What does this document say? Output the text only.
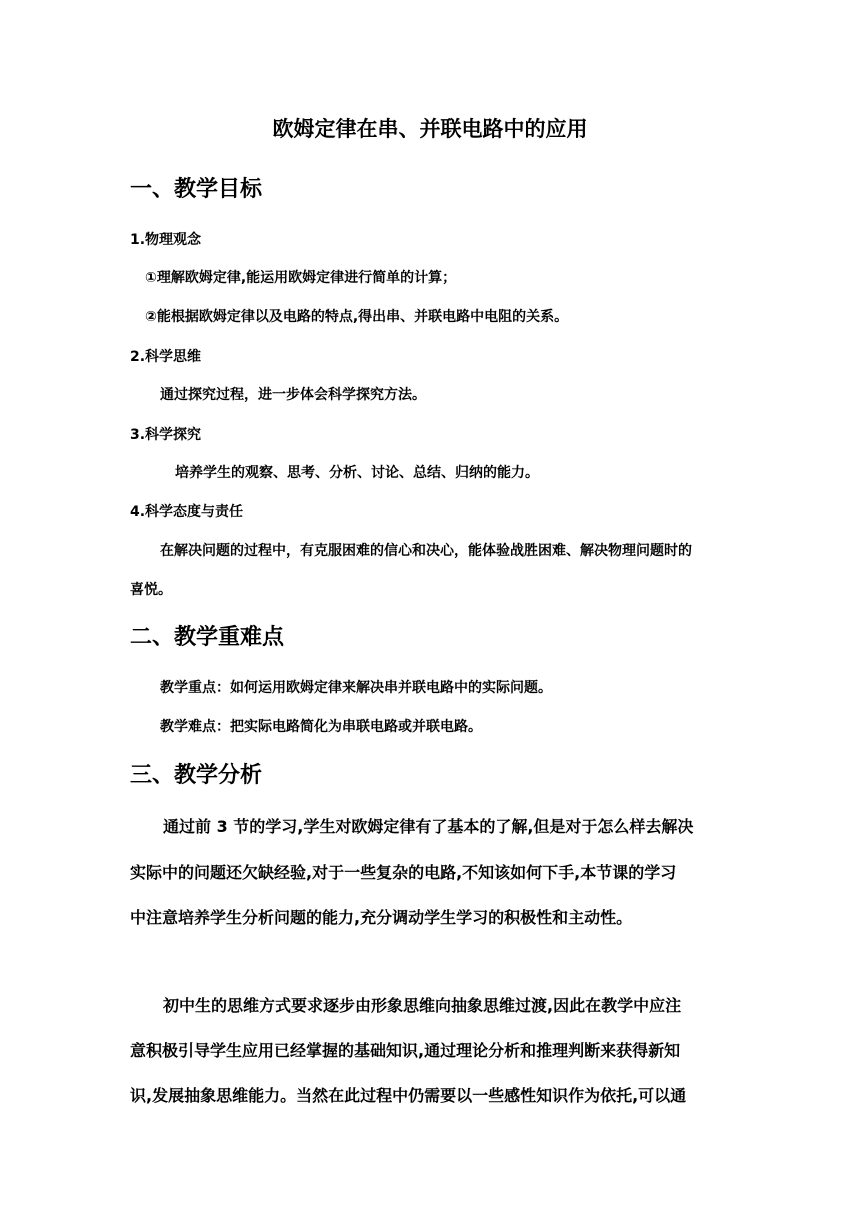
欧姆定律在串、并联电路中的应用
一、教学目标
1.物理观念
①理解欧姆定律,能运用欧姆定律进行简单的计算；
②能根据欧姆定律以及电路的特点,得出串、并联电路中电阻的关系。
2.科学思维
通过探究过程，进一步体会科学探究方法。
3.科学探究
培养学生的观察、思考、分析、讨论、总结、归纳的能力。
4.科学态度与责任
在解决问题的过程中，有克服困难的信心和决心，能体验战胜困难、解决物理问题时的
喜悦。
二、教学重难点
教学重点：如何运用欧姆定律来解决串并联电路中的实际问题。
教学难点：把实际电路简化为串联电路或并联电路。
三、教学分析
通过前 3 节的学习,学生对欧姆定律有了基本的了解,但是对于怎么样去解决
实际中的问题还欠缺经验,对于一些复杂的电路,不知该如何下手,本节课的学习
中注意培养学生分析问题的能力,充分调动学生学习的积极性和主动性。
初中生的思维方式要求逐步由形象思维向抽象思维过渡,因此在教学中应注
意积极引导学生应用已经掌握的基础知识,通过理论分析和推理判断来获得新知
识,发展抽象思维能力。当然在此过程中仍需要以一些感性知识作为依托,可以通
